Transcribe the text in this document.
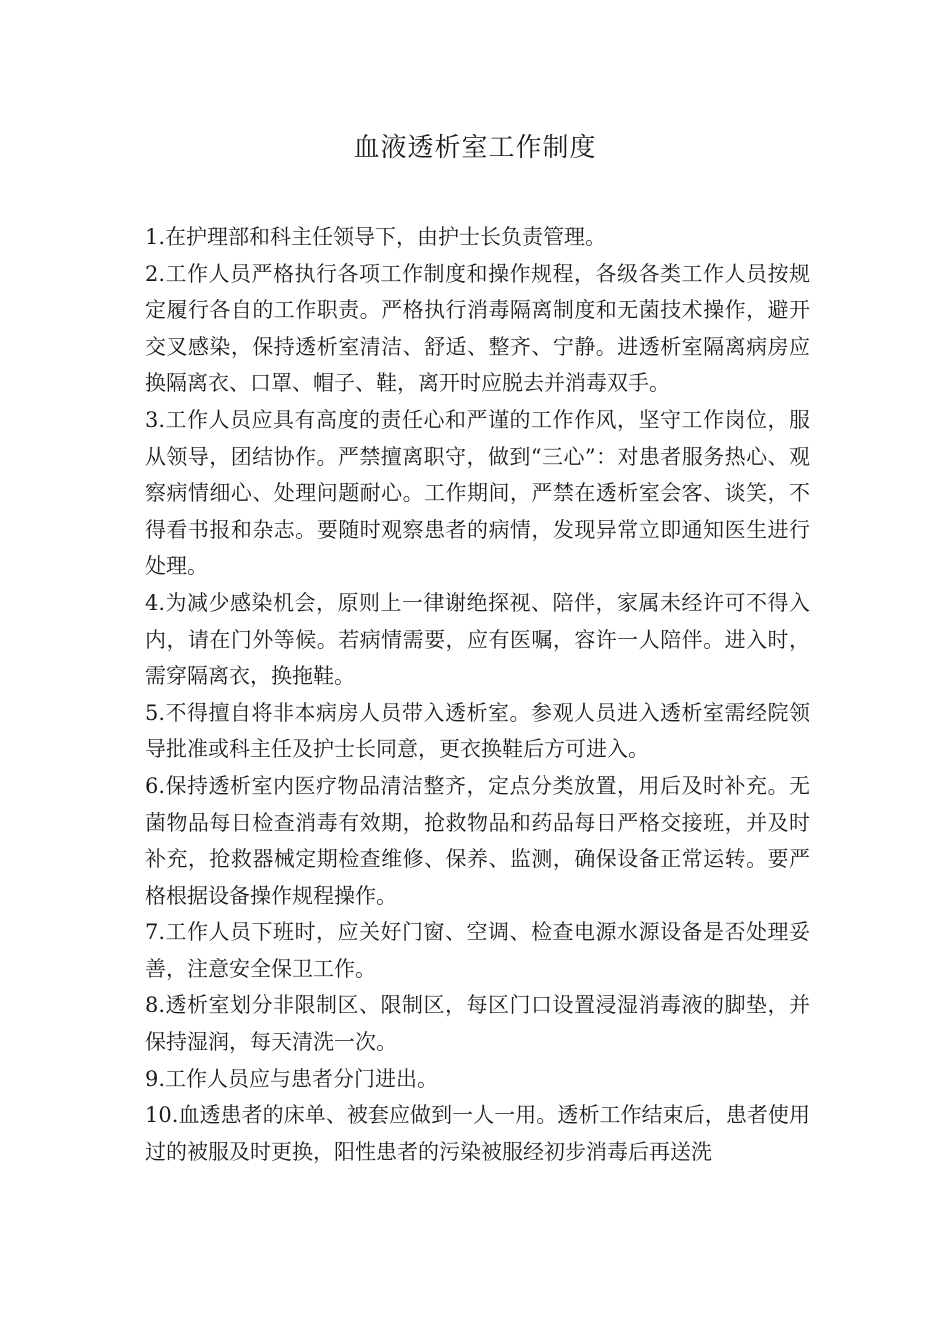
血液透析室工作制度

1.在护理部和科主任领导下，由护士长负责管理。

2.工作人员严格执行各项工作制度和操作规程，各级各类工作人员按规定履行各自的工作职责。严格执行消毒隔离制度和无菌技术操作，避开交叉感染，保持透析室清洁、舒适、整齐、宁静。进透析室隔离病房应换隔离衣、口罩、帽子、鞋，离开时应脱去并消毒双手。

3.工作人员应具有高度的责任心和严谨的工作作风，坚守工作岗位，服从领导，团结协作。严禁擅离职守，做到“三心”：对患者服务热心、观察病情细心、处理问题耐心。工作期间，严禁在透析室会客、谈笑，不得看书报和杂志。要随时观察患者的病情，发现异常立即通知医生进行处理。

4.为减少感染机会，原则上一律谢绝探视、陪伴，家属未经许可不得入内，请在门外等候。若病情需要，应有医嘱，容许一人陪伴。进入时，需穿隔离衣，换拖鞋。

5.不得擅自将非本病房人员带入透析室。参观人员进入透析室需经院领导批准或科主任及护士长同意，更衣换鞋后方可进入。

6.保持透析室内医疗物品清洁整齐，定点分类放置，用后及时补充。无菌物品每日检查消毒有效期，抢救物品和药品每日严格交接班，并及时补充，抢救器械定期检查维修、保养、监测，确保设备正常运转。要严格根据设备操作规程操作。

7.工作人员下班时，应关好门窗、空调、检查电源水源设备是否处理妥善，注意安全保卫工作。

8.透析室划分非限制区、限制区，每区门口设置浸湿消毒液的脚垫，并保持湿润，每天清洗一次。

9.工作人员应与患者分门进出。

10.血透患者的床单、被套应做到一人一用。透析工作结束后，患者使用过的被服及时更换，阳性患者的污染被服经初步消毒后再送洗
